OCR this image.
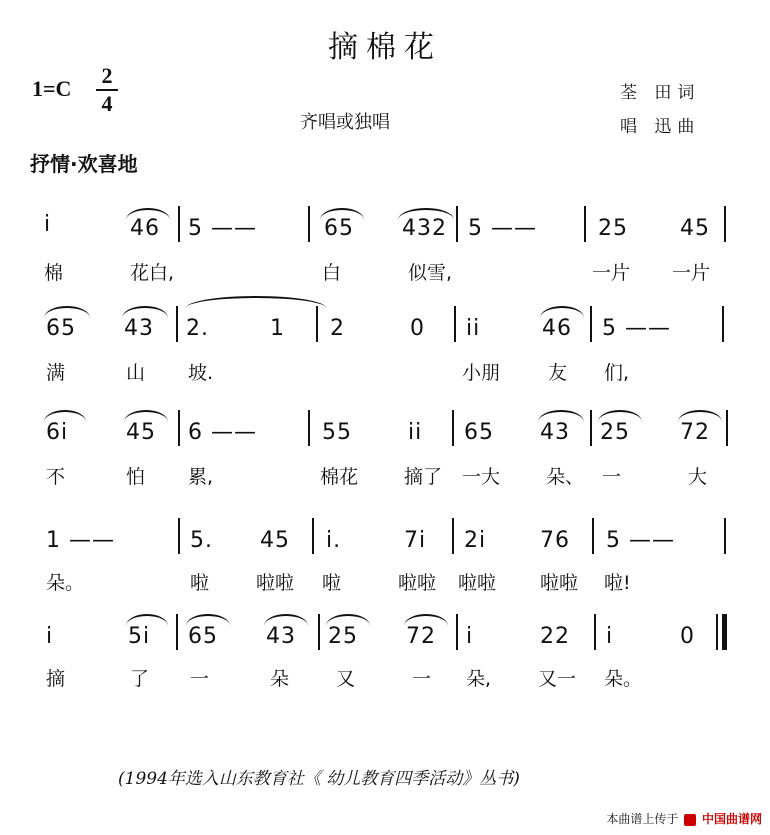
摘棉花
1=C
2
4
齐唱或独唱
荃 田词
唱 迅曲
抒情·欢喜地
i	46 5 ——	65 432 5 ——	25 45
棉	花白,	白	似雪,	一片 一片
65 43 2.	1 2	0 ii	46 5 ——
满	山 坡.	小朋	友 们,
6i	45 6 ——	55	ii 65 43 25 72
不	怕 累,	棉花 摘了 一大 朵、 一	大
1 ——	5. 45 i.	7i 2i 76 5 ——
朵。	啦 啦啦 啦	啦啦 啦啦 啦啦 啦!
i	5i 65 43 25 72 i	22 i	0
摘	了 一	朵 又	一 朵, 又一 朵。
(1994年选入山东教育社《 幼儿教育四季活动》丛书)
本曲谱上传于 中国曲谱网
